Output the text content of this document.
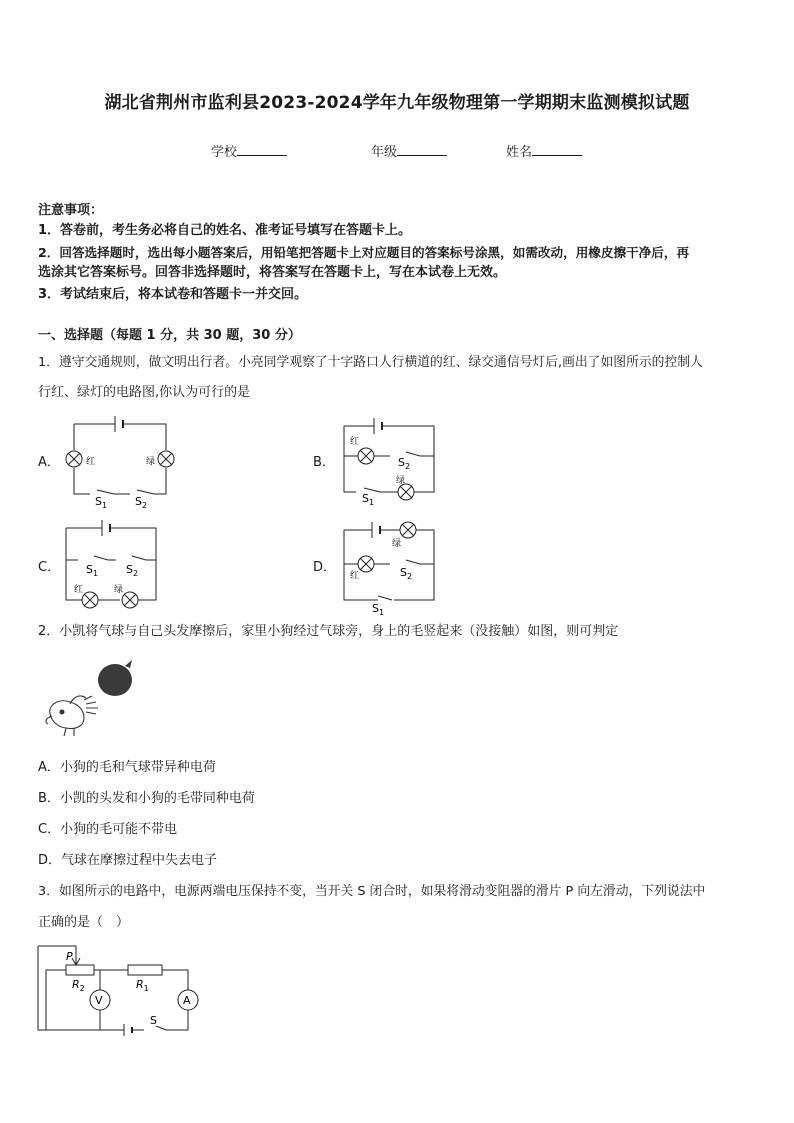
湖北省荆州市监利县2023-2024学年九年级物理第一学期期末监测模拟试题
学校	年级	姓名
注意事项：
1．答卷前，考生务必将自己的姓名、准考证号填写在答题卡上。
2．回答选择题时，选出每小题答案后，用铅笔把答题卡上对应题目的答案标号涂黑，如需改动，用橡皮擦干净后，再
选涂其它答案标号。回答非选择题时，将答案写在答题卡上，写在本试卷上无效。
3．考试结束后，将本试卷和答题卡一并交回。
一、选择题（每题 1 分，共 30 题，30 分）
1．遵守交通规则，做文明出行者。小亮同学观察了十字路口人行横道的红、绿交通信号灯后,画出了如图所示的控制人
行红、绿灯的电路图,你认为可行的是
A．	红	绿
$S_1$	$S_2$
B．
红
绿
$S_2$
$S_1$
C．
红	绿
$S_1$	$S_2$	D．
绿
红	$S_2$
$S_1$
2．小凯将气球与自己头发摩擦后，家里小狗经过气球旁，身上的毛竖起来（没接触）如图，则可判定
A．小狗的毛和气球带异种电荷
B．小凯的头发和小狗的毛带同种电荷
C．小狗的毛可能不带电
D．气球在摩擦过程中失去电子
3．如图所示的电路中，电源两端电压保持不变，当开关 S 闭合时，如果将滑动变阻器的滑片 P 向左滑动，下列说法中
正确的是（　）
P
$R_2$	$R_1$
V	A
S
